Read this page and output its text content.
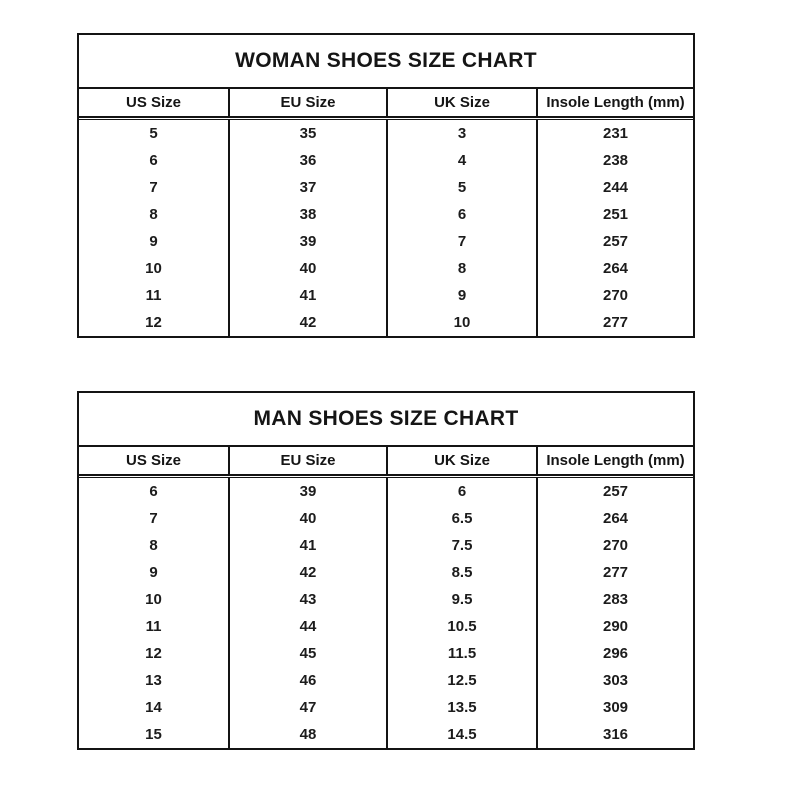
WOMAN SHOES SIZE CHART
US Size	EU Size	UK Size	Insole Length (mm)
5	35	3	231
6	36	4	238
7	37	5	244
8	38	6	251
9	39	7	257
10	40	8	264
11	41	9	270
12	42	10	277
MAN SHOES SIZE CHART
US Size	EU Size	UK Size	Insole Length (mm)
6	39	6	257
7	40	6.5	264
8	41	7.5	270
9	42	8.5	277
10	43	9.5	283
11	44	10.5	290
12	45	11.5	296
13	46	12.5	303
14	47	13.5	309
15	48	14.5	316
